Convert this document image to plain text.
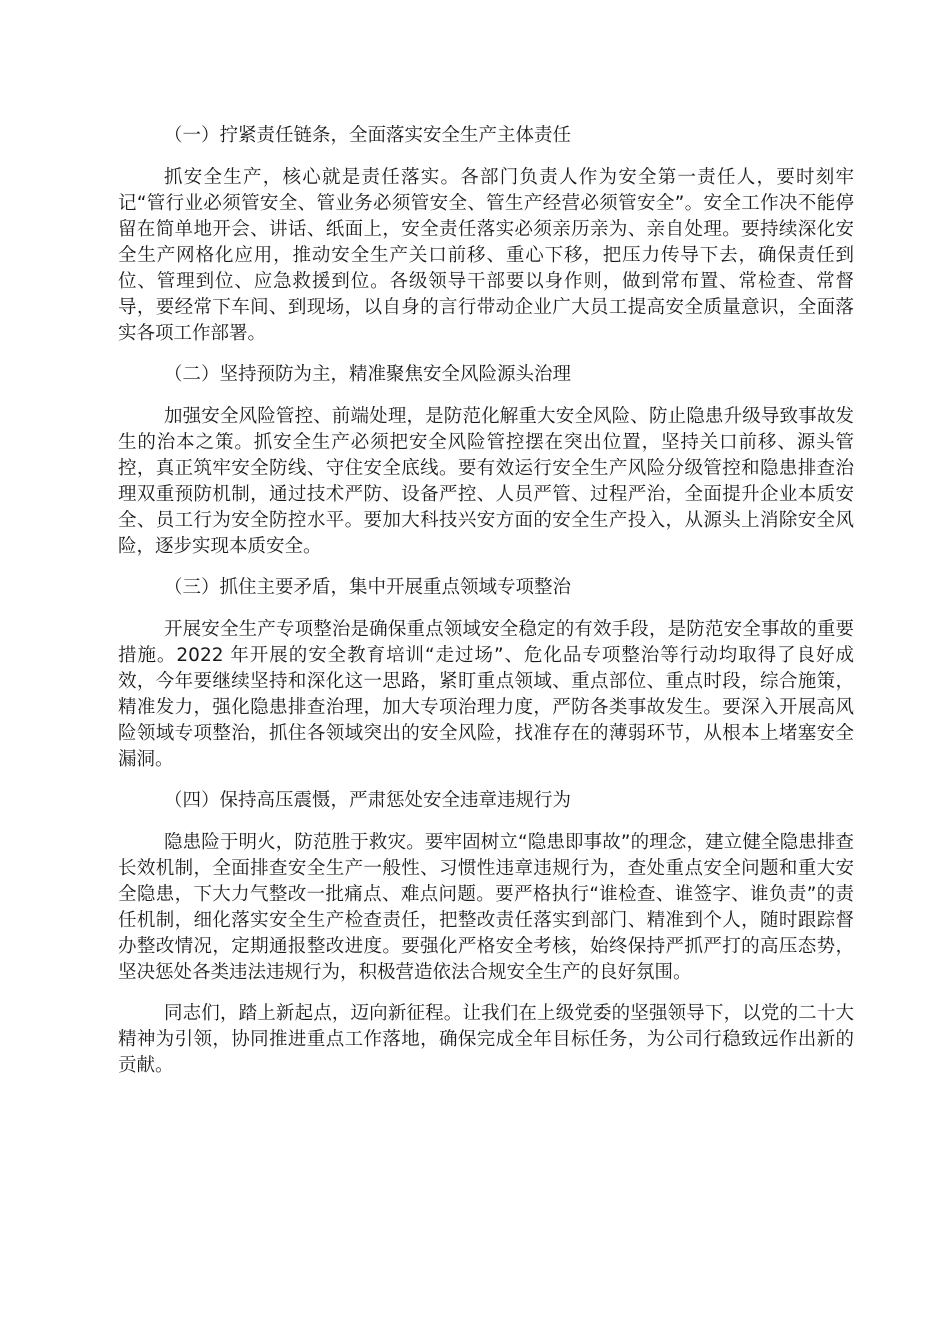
（一）拧紧责任链条，全面落实安全生产主体责任

抓安全生产，核心就是责任落实。各部门负责人作为安全第一责任人，要时刻牢记“管行业必须管安全、管业务必须管安全、管生产经营必须管安全”。安全工作决不能停留在简单地开会、讲话、纸面上，安全责任落实必须亲历亲为、亲自处理。要持续深化安全生产网格化应用，推动安全生产关口前移、重心下移，把压力传导下去，确保责任到位、管理到位、应急救援到位。各级领导干部要以身作则，做到常布置、常检查、常督导，要经常下车间、到现场，以自身的言行带动企业广大员工提高安全质量意识，全面落实各项工作部署。

（二）坚持预防为主，精准聚焦安全风险源头治理

加强安全风险管控、前端处理，是防范化解重大安全风险、防止隐患升级导致事故发生的治本之策。抓安全生产必须把安全风险管控摆在突出位置，坚持关口前移、源头管控，真正筑牢安全防线、守住安全底线。要有效运行安全生产风险分级管控和隐患排查治理双重预防机制，通过技术严防、设备严控、人员严管、过程严治，全面提升企业本质安全、员工行为安全防控水平。要加大科技兴安方面的安全生产投入，从源头上消除安全风险，逐步实现本质安全。

（三）抓住主要矛盾，集中开展重点领域专项整治

开展安全生产专项整治是确保重点领域安全稳定的有效手段，是防范安全事故的重要措施。2022 年开展的安全教育培训“走过场”、危化品专项整治等行动均取得了良好成效，今年要继续坚持和深化这一思路，紧盯重点领域、重点部位、重点时段，综合施策，精准发力，强化隐患排查治理，加大专项治理力度，严防各类事故发生。要深入开展高风险领域专项整治，抓住各领域突出的安全风险，找准存在的薄弱环节，从根本上堵塞安全漏洞。

（四）保持高压震慑，严肃惩处安全违章违规行为

隐患险于明火，防范胜于救灾。要牢固树立“隐患即事故”的理念，建立健全隐患排查长效机制，全面排查安全生产一般性、习惯性违章违规行为，查处重点安全问题和重大安全隐患，下大力气整改一批痛点、难点问题。要严格执行“谁检查、谁签字、谁负责”的责任机制，细化落实安全生产检查责任，把整改责任落实到部门、精准到个人，随时跟踪督办整改情况，定期通报整改进度。要强化严格安全考核，始终保持严抓严打的高压态势，坚决惩处各类违法违规行为，积极营造依法合规安全生产的良好氛围。

同志们，踏上新起点，迈向新征程。让我们在上级党委的坚强领导下，以党的二十大精神为引领，协同推进重点工作落地，确保完成全年目标任务，为公司行稳致远作出新的贡献。
